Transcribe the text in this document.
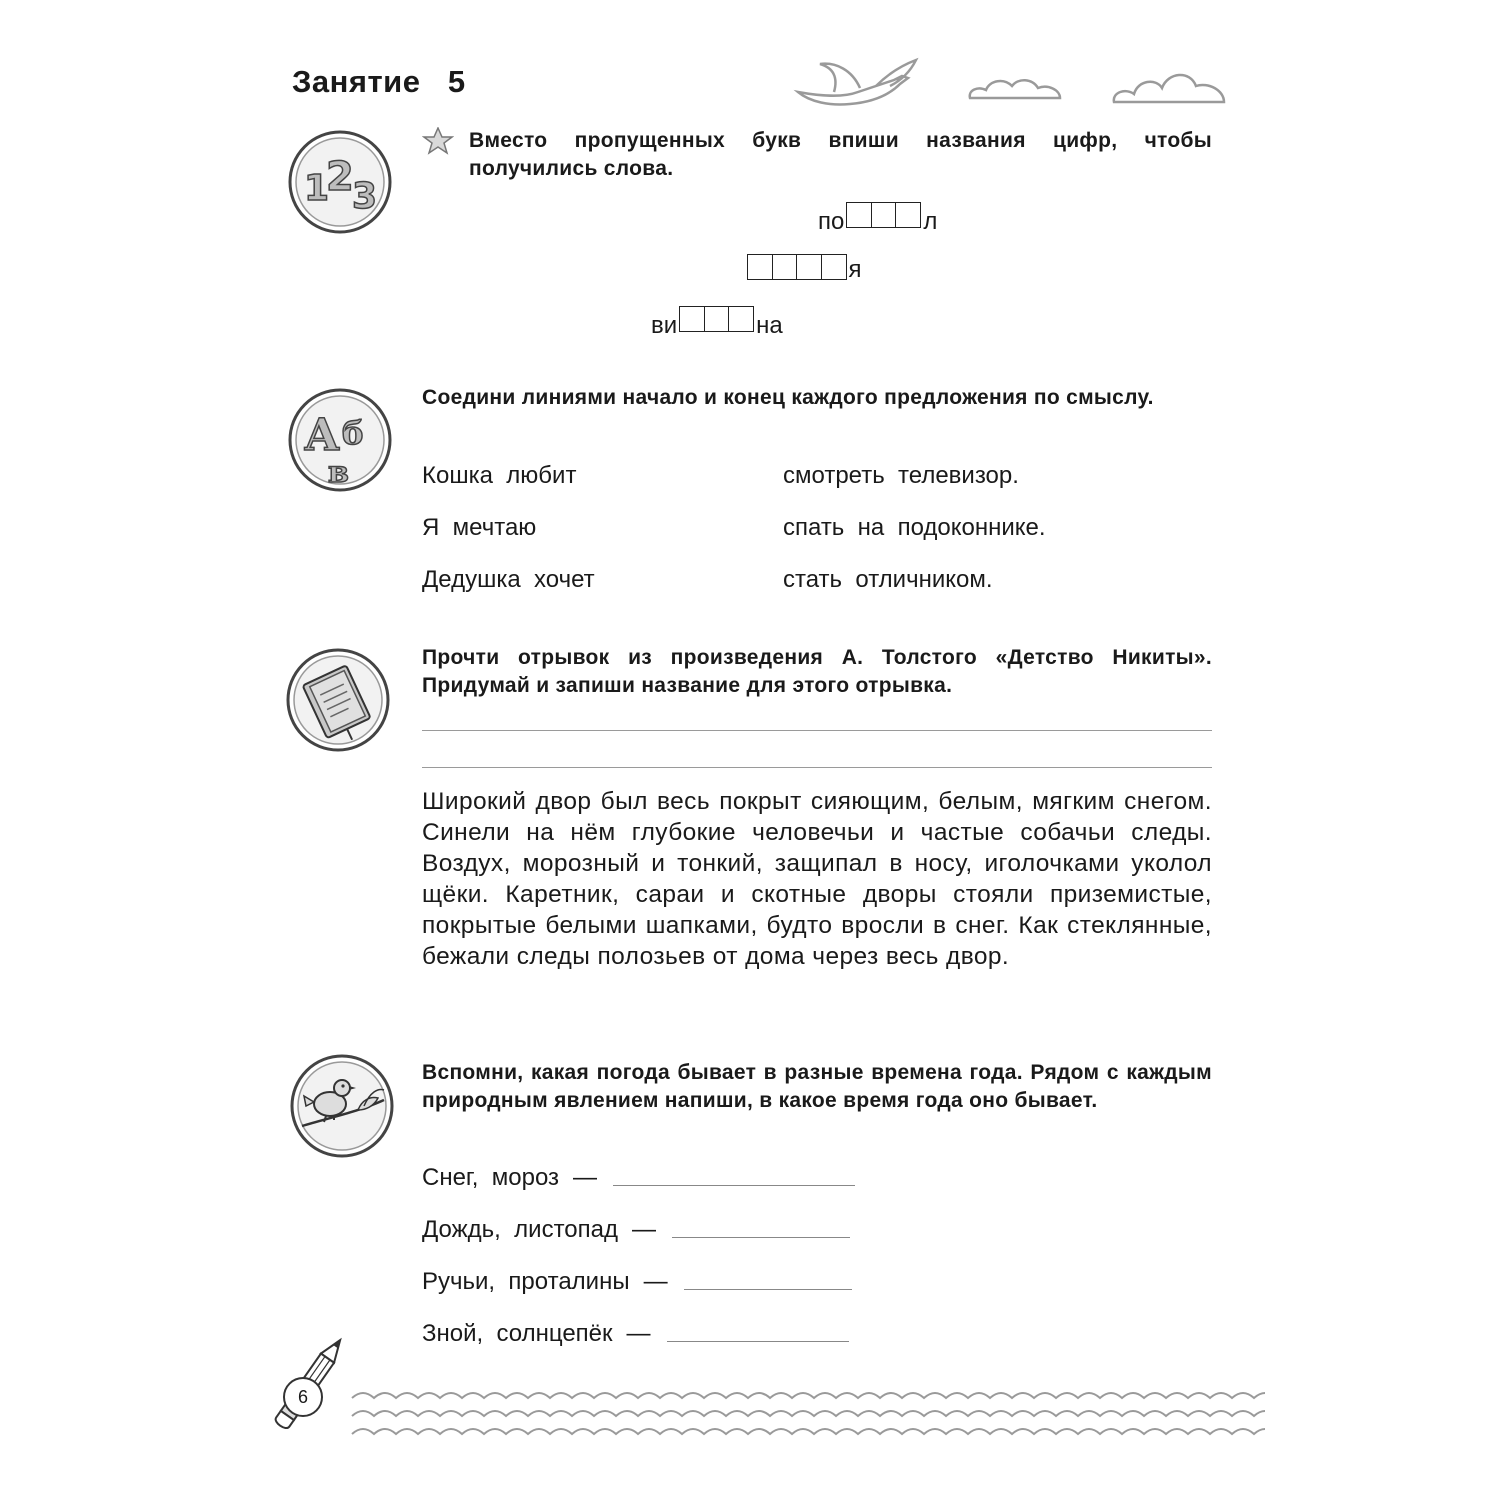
Занятие 5
1
2
3
Вместо пропущенных букв впиши названия цифр, чтобы получились слова.
по	л
я
ви	на
А б
в
Соедини линиями начало и конец каждого предложения по смыслу.
Кошка  любит
Я  мечтаю
Дедушка  хочет
смотреть  телевизор.
спать  на  подоконнике.
стать  отличником.
Прочти отрывок из произведения А. Толстого «Детство Никиты». Придумай и запиши название для этого отрывка.
Широкий двор был весь покрыт сияющим, белым, мягким снегом. Синели на нём глубокие человечьи и частые собачьи следы. Воздух, морозный и тонкий, защипал в носу, иголочками уколол щёки. Каретник, сараи и скотные дворы стояли приземистые, покрытые белыми шапками, будто вросли в снег. Как стеклянные, бежали следы полозьев от дома через весь двор.
Вспомни, какая погода бывает в разные времена года. Рядом с каждым природным явлением напиши, в какое время года оно бывает.
Снег,  мороз —
Дождь,  листопад —
Ручьи,  проталины —
Зной,  солнцепёк —
6
